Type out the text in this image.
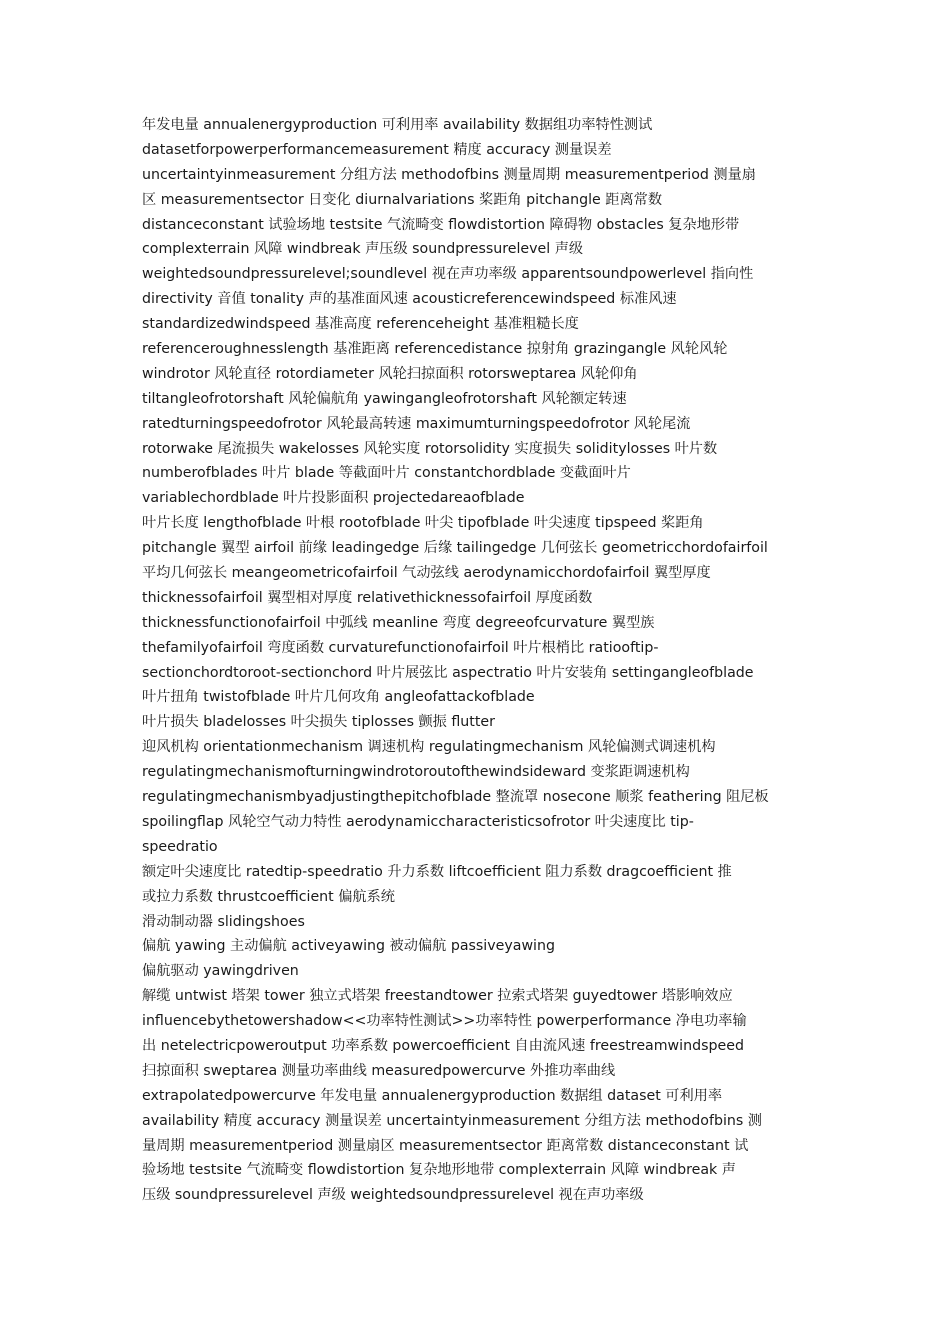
年发电量 annualenergyproduction 可利用率 availability 数据组功率特性测试
datasetforpowerperformancemeasurement 精度 accuracy 测量误差
uncertaintyinmeasurement 分组方法 methodofbins 测量周期 measurementperiod 测量扇
区 measurementsector 日变化 diurnalvariations 桨距角 pitchangle 距离常数
distanceconstant 试验场地 testsite 气流畸变 flowdistortion 障碍物 obstacles 复杂地形带
complexterrain 风障 windbreak 声压级 soundpressurelevel 声级
weightedsoundpressurelevel;soundlevel 视在声功率级 apparentsoundpowerlevel 指向性
directivity 音值 tonality 声的基准面风速 acousticreferencewindspeed 标准风速
standardizedwindspeed 基准高度 referenceheight 基准粗糙长度
referenceroughnesslength 基准距离 referencedistance 掠射角 grazingangle 风轮风轮
windrotor 风轮直径 rotordiameter 风轮扫掠面积 rotorsweptarea 风轮仰角
tiltangleofrotorshaft 风轮偏航角 yawingangleofrotorshaft 风轮额定转速
ratedturningspeedofrotor 风轮最高转速 maximumturningspeedofrotor 风轮尾流
rotorwake 尾流损失 wakelosses 风轮实度 rotorsolidity 实度损失 soliditylosses 叶片数
numberofblades 叶片 blade 等截面叶片 constantchordblade 变截面叶片
variablechordblade 叶片投影面积 projectedareaofblade
叶片长度 lengthofblade 叶根 rootofblade 叶尖 tipofblade 叶尖速度 tipspeed 桨距角
pitchangle 翼型 airfoil 前缘 leadingedge 后缘 tailingedge 几何弦长 geometricchordofairfoil
平均几何弦长 meangeometricofairfoil 气动弦线 aerodynamicchordofairfoil 翼型厚度
thicknessofairfoil 翼型相对厚度 relativethicknessofairfoil 厚度函数
thicknessfunctionofairfoil 中弧线 meanline 弯度 degreeofcurvature 翼型族
thefamilyofairfoil 弯度函数 curvaturefunctionofairfoil 叶片根梢比 ratiooftip-
sectionchordtoroot-sectionchord 叶片展弦比 aspectratio 叶片安装角 settingangleofblade
叶片扭角 twistofblade 叶片几何攻角 angleofattackofblade
叶片损失 bladelosses 叶尖损失 tiplosses 颤振 flutter
迎风机构 orientationmechanism 调速机构 regulatingmechanism 风轮偏测式调速机构
regulatingmechanismofturningwindrotoroutofthewindsideward 变浆距调速机构
regulatingmechanismbyadjustingthepitchofblade 整流罩 nosecone 顺浆 feathering 阻尼板
spoilingflap 风轮空气动力特性 aerodynamiccharacteristicsofrotor 叶尖速度比 tip-
speedratio
额定叶尖速度比 ratedtip-speedratio 升力系数 liftcoefficient 阻力系数 dragcoefficient 推
或拉力系数 thrustcoefficient 偏航系统
滑动制动器 slidingshoes
偏航 yawing 主动偏航 activeyawing 被动偏航 passiveyawing
偏航驱动 yawingdriven
解缆 untwist 塔架 tower 独立式塔架 freestandtower 拉索式塔架 guyedtower 塔影响效应
influencebythetowershadow<<功率特性测试>>功率特性 powerperformance 净电功率输
出 netelectricpoweroutput 功率系数 powercoefficient 自由流风速 freestreamwindspeed
扫掠面积 sweptarea 测量功率曲线 measuredpowercurve 外推功率曲线
extrapolatedpowercurve 年发电量 annualenergyproduction 数据组 dataset 可利用率
availability 精度 accuracy 测量误差 uncertaintyinmeasurement 分组方法 methodofbins 测
量周期 measurementperiod 测量扇区 measurementsector 距离常数 distanceconstant 试
验场地 testsite 气流畸变 flowdistortion 复杂地形地带 complexterrain 风障 windbreak 声
压级 soundpressurelevel 声级 weightedsoundpressurelevel 视在声功率级
